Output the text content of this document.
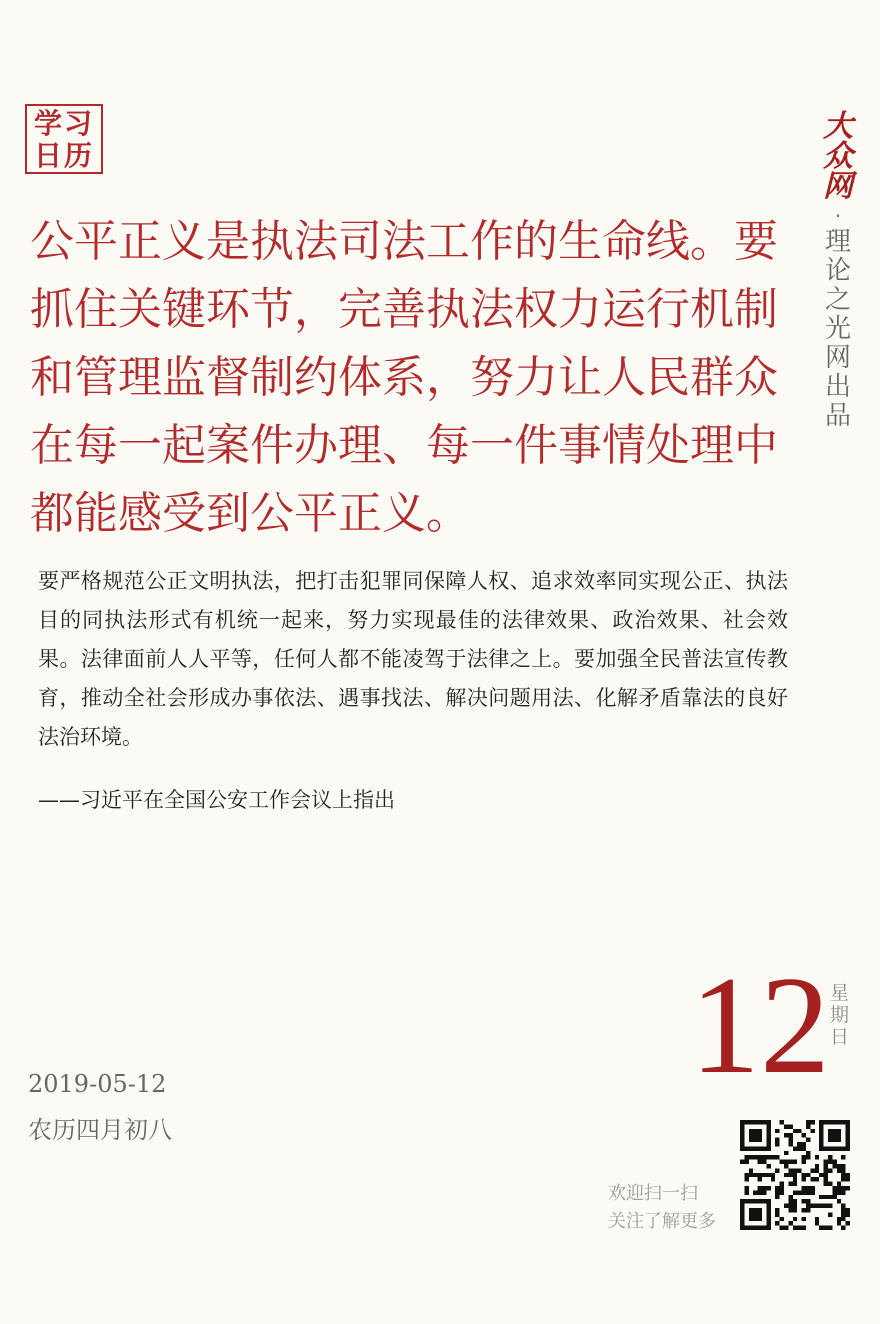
学习
日历
大众网
·
理论之光网出品

公平正义是执法司法工作的生命线。要抓住关键环节，完善执法权力运行机制和管理监督制约体系，努力让人民群众在每一起案件办理、每一件事情处理中都能感受到公平正义。

要严格规范公正文明执法，把打击犯罪同保障人权、追求效率同实现公正、执法目的同执法形式有机统一起来，努力实现最佳的法律效果、政治效果、社会效果。法律面前人人平等，任何人都不能凌驾于法律之上。要加强全民普法宣传教育，推动全社会形成办事依法、遇事找法、解决问题用法、化解矛盾靠法的良好法治环境。

——习近平在全国公安工作会议上指出
12 星期日
2019-05-12
农历四月初八
欢迎扫一扫
关注了解更多
